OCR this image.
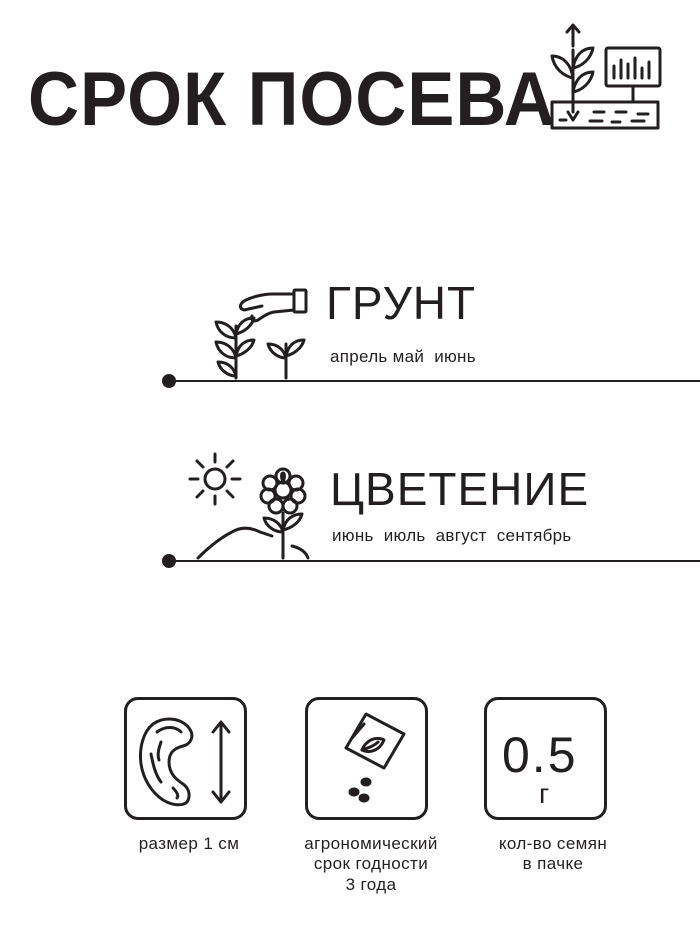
СРОК ПОСЕВА
ГРУНТ
апрель май  июнь
ЦВЕТЕНИЕ
июнь  июль  август  сентябрь
0.5
г
размер 1 см	агрономический
срок годности
3 года
кол-во семян
в пачке
